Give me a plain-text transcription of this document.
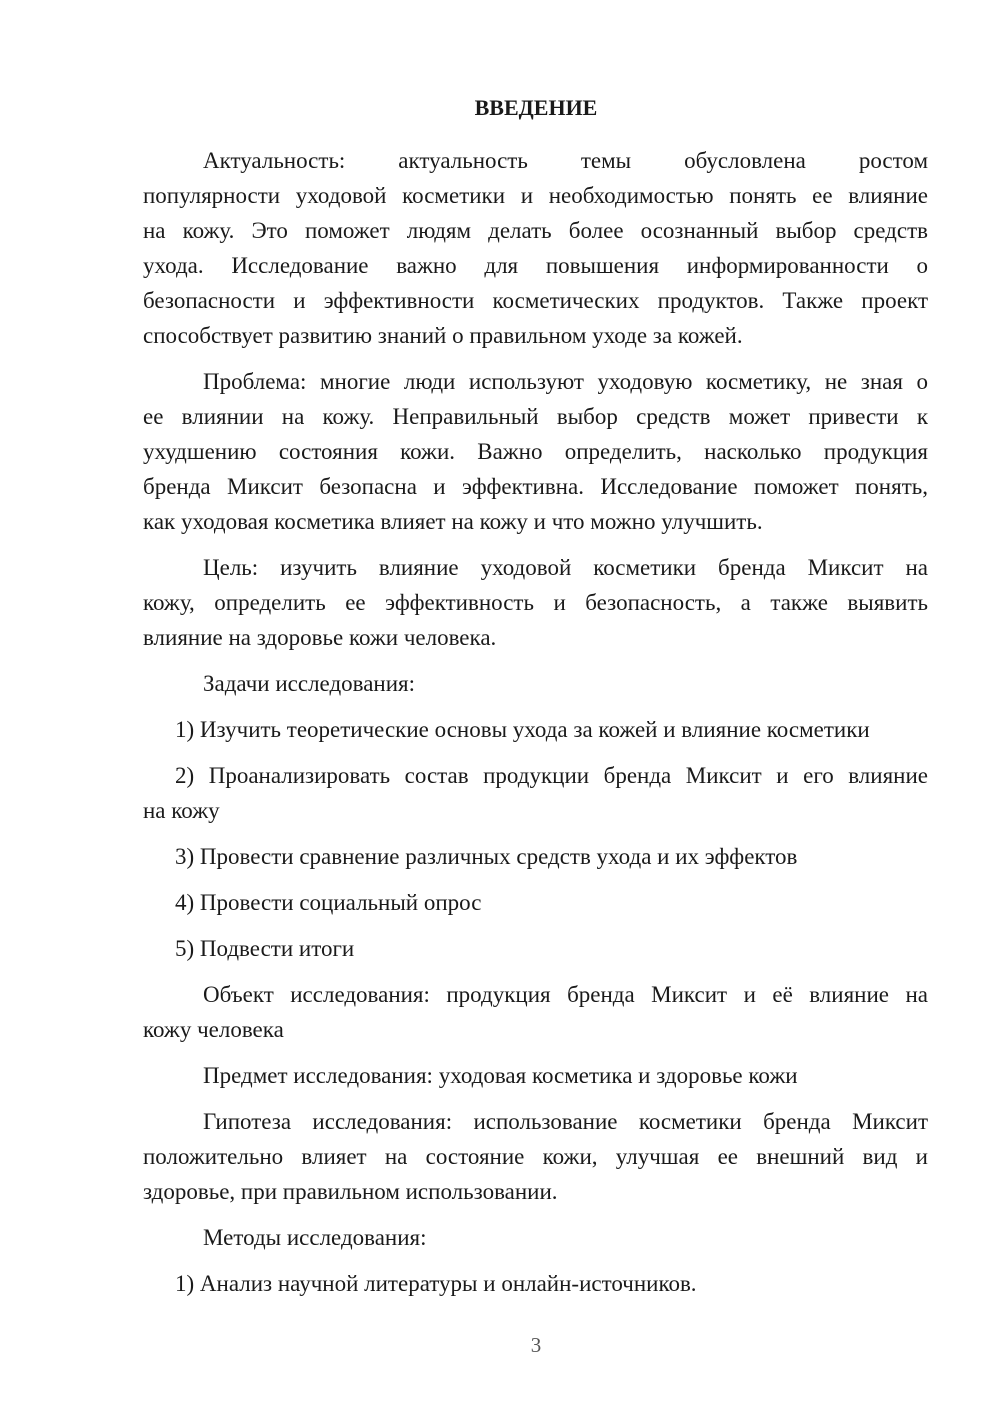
ВВЕДЕНИЕ
Актуальность: актуальность темы обусловлена ростом
популярности уходовой косметики и необходимостью понять ее влияние
на кожу. Это поможет людям делать более осознанный выбор средств
ухода. Исследование важно для повышения информированности о
безопасности и эффективности косметических продуктов. Также проект
способствует развитию знаний о правильном уходе за кожей.
Проблема: многие люди используют уходовую косметику, не зная о
ее влиянии на кожу. Неправильный выбор средств может привести к
ухудшению состояния кожи. Важно определить, насколько продукция
бренда Миксит безопасна и эффективна. Исследование поможет понять,
как уходовая косметика влияет на кожу и что можно улучшить.
Цель: изучить влияние уходовой косметики бренда Миксит на
кожу, определить ее эффективность и безопасность, а также выявить
влияние на здоровье кожи человека.
Задачи исследования:
1) Изучить теоретические основы ухода за кожей и влияние косметики
2) Проанализировать состав продукции бренда Миксит и его влияние
на кожу
3) Провести сравнение различных средств ухода и их эффектов
4) Провести социальный опрос
5) Подвести итоги
Объект исследования: продукция бренда Миксит и её влияние на
кожу человека
Предмет исследования: уходовая косметика и здоровье кожи
Гипотеза исследования: использование косметики бренда Миксит
положительно влияет на состояние кожи, улучшая ее внешний вид и
здоровье, при правильном использовании.
Методы исследования:
1) Анализ научной литературы и онлайн-источников.
3
